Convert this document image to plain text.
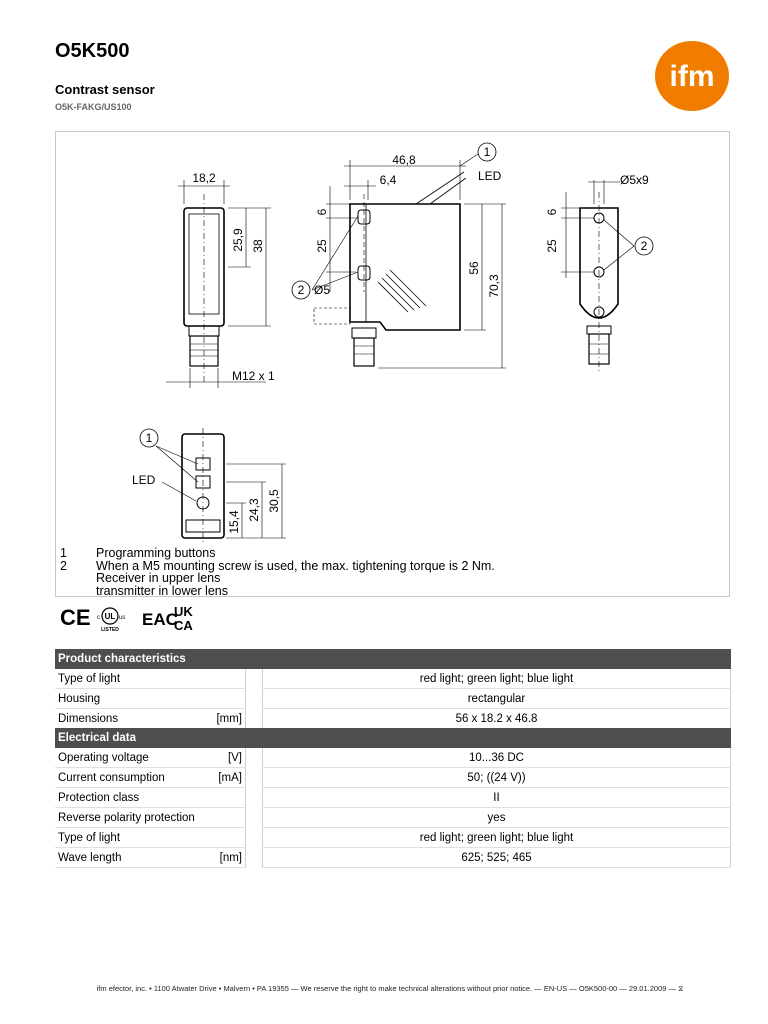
O5K500
Contrast sensor
O5K-FAKG/US100
ifm
18,2
25,9 38
M12 x 1
46,8
6,4	LED
6
25
56
70,3
Ø5
1
2
Ø5x9
6
25	2
1
LED
15,4
24,3 30,5
1	Programming buttons
2	When a M5 mounting screw is used, the max. tightening torque is 2 Nm.
Receiver in upper lens
transmitter in lower lens
CE UL
c	us
LISTED
EAC
UK
CA
Product characteristics			
Type of light			red light; green light; blue light
Housing			rectangular
Dimensions	[mm]		56 x 18.2 x 46.8
Electrical data			
Operating voltage	[V]		10...36 DC
Current consumption	[mA]		50; ((24 V))
Protection class			II
Reverse polarity protection			yes
Type of light			red light; green light; blue light
Wave length	[nm]		625; 525; 465
ifm efector, inc. • 1100 Atwater Drive • Malvern • PA 19355 — We reserve the right to make technical alterations without prior notice. — EN-US — O5K500-00 — 29.01.2009 — ⧖
